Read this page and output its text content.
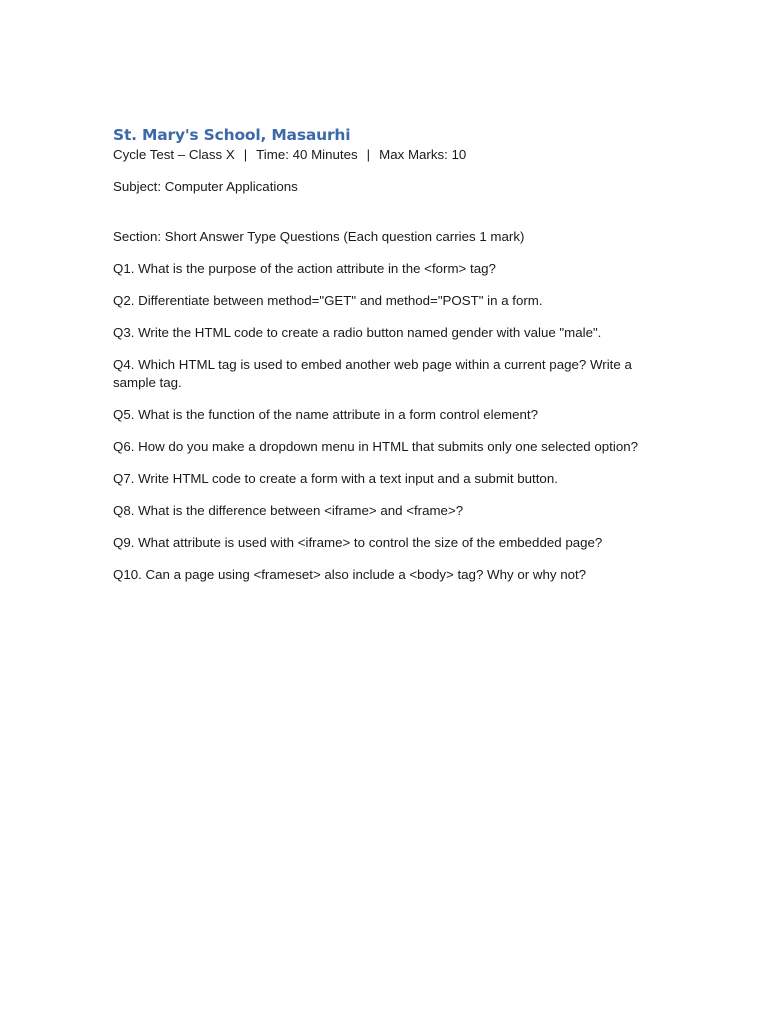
St. Mary's School, Masaurhi

Cycle Test – Class X | Time: 40 Minutes | Max Marks: 10

Subject: Computer Applications

Section: Short Answer Type Questions (Each question carries 1 mark)

Q1. What is the purpose of the action attribute in the <form> tag?
Q2. Differentiate between method="GET" and method="POST" in a form.
Q3. Write the HTML code to create a radio button named gender with value "male".
Q4. Which HTML tag is used to embed another web page within a current page? Write a sample tag.
Q5. What is the function of the name attribute in a form control element?
Q6. How do you make a dropdown menu in HTML that submits only one selected option?
Q7. Write HTML code to create a form with a text input and a submit button.
Q8. What is the difference between <iframe> and <frame>?
Q9. What attribute is used with <iframe> to control the size of the embedded page?
Q10. Can a page using <frameset> also include a <body> tag? Why or why not?
